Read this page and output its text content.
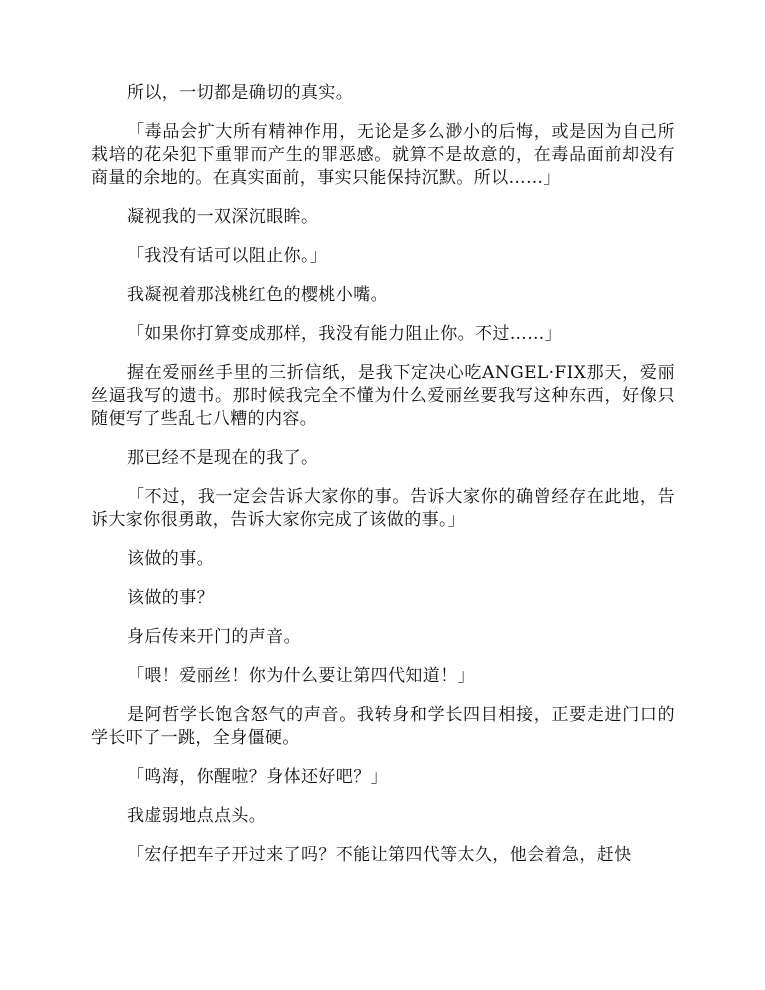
所以，一切都是确切的真实。

「毒品会扩大所有精神作用，无论是多么渺小的后悔，或是因为自己所栽培的花朵犯下重罪而产生的罪恶感。就算不是故意的，在毒品面前却没有商量的余地的。在真实面前，事实只能保持沉默。所以……」

凝视我的一双深沉眼眸。

「我没有话可以阻止你。」

我凝视着那浅桃红色的樱桃小嘴。

「如果你打算变成那样，我没有能力阻止你。不过……」

握在爱丽丝手里的三折信纸，是我下定决心吃ANGEL·FIX那天，爱丽丝逼我写的遗书。那时候我完全不懂为什么爱丽丝要我写这种东西，好像只随便写了些乱七八糟的内容。

那已经不是现在的我了。

「不过，我一定会告诉大家你的事。告诉大家你的确曾经存在此地，告诉大家你很勇敢，告诉大家你完成了该做的事。」

该做的事。

该做的事？

身后传来开门的声音。

「喂！爱丽丝！你为什么要让第四代知道！」

是阿哲学长饱含怒气的声音。我转身和学长四目相接，正要走进门口的学长吓了一跳，全身僵硬。

「鸣海，你醒啦？身体还好吧？」

我虚弱地点点头。

「宏仔把车子开过来了吗？不能让第四代等太久，他会着急，赶快
